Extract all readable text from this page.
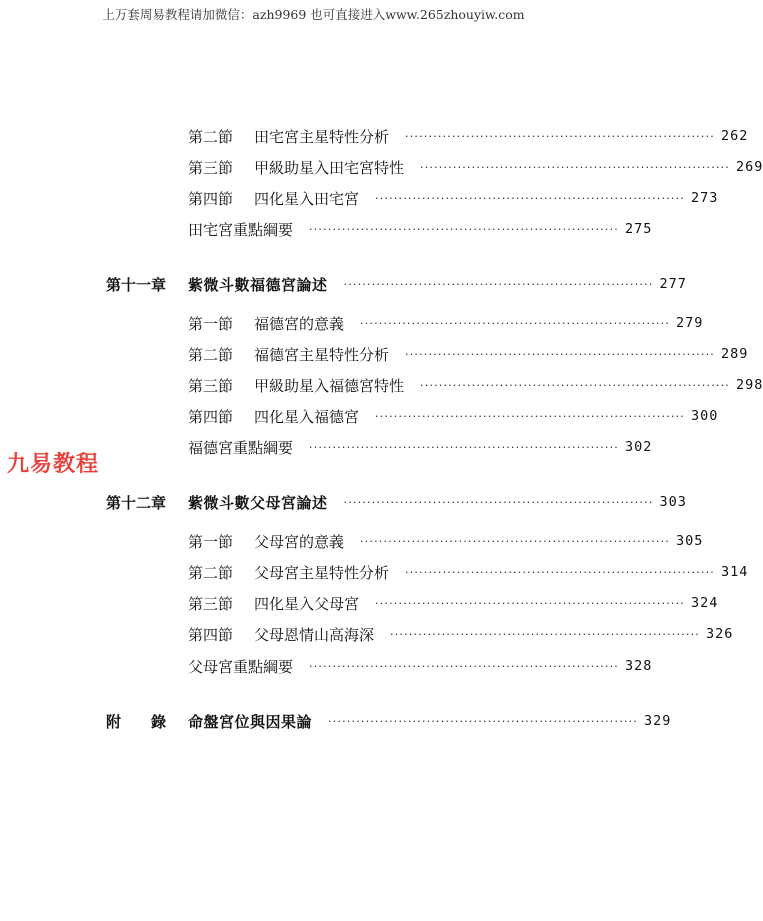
上万套周易教程请加微信：azh9969 也可直接进入www.265zhouyiw.com
九易教程
第二節	田宅宮主星特性分析 ·································································· 262
第三節	甲級助星入田宅宮特性 ·································································· 269
第四節	四化星入田宅宮 ·································································· 273
田宅宮重點綱要 ·································································· 275
第十一章	紫微斗數福德宮論述 ·································································· 277
第一節	福德宮的意義 ·································································· 279
第二節	福德宮主星特性分析 ·································································· 289
第三節	甲級助星入福德宮特性 ·································································· 298
第四節	四化星入福德宮 ·································································· 300
福德宮重點綱要 ·································································· 302
第十二章	紫微斗數父母宮論述 ·································································· 303
第一節	父母宮的意義 ·································································· 305
第二節	父母宮主星特性分析 ·································································· 314
第三節	四化星入父母宮 ·································································· 324
第四節	父母恩情山高海深 ·································································· 326
父母宮重點綱要 ·································································· 328
附　　錄	命盤宮位與因果論 ·································································· 329
